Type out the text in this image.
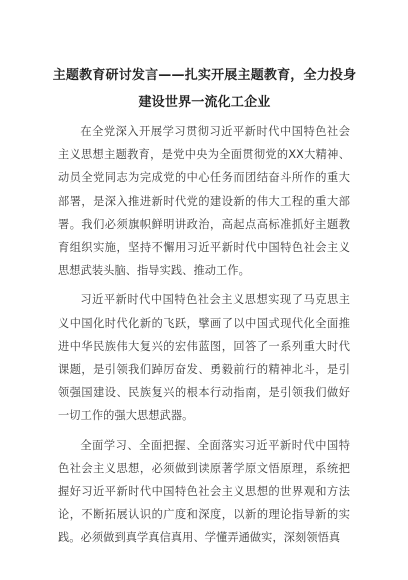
主题教育研讨发言——扎实开展主题教育，全力投身建设世界一流化工企业

在全党深入开展学习贯彻习近平新时代中国特色社会主义思想主题教育，是党中央为全面贯彻党的XX大精神、动员全党同志为完成党的中心任务而团结奋斗所作的重大部署，是深入推进新时代党的建设新的伟大工程的重大部署。我们必须旗帜鲜明讲政治，高起点高标准抓好主题教育组织实施，坚持不懈用习近平新时代中国特色社会主义思想武装头脑、指导实践、推动工作。

习近平新时代中国特色社会主义思想实现了马克思主义中国化时代化新的飞跃，擘画了以中国式现代化全面推进中华民族伟大复兴的宏伟蓝图，回答了一系列重大时代课题，是引领我们踔厉奋发、勇毅前行的精神北斗，是引领强国建设、民族复兴的根本行动指南，是引领我们做好一切工作的强大思想武器。

全面学习、全面把握、全面落实习近平新时代中国特色社会主义思想，必须做到读原著学原文悟原理，系统把握好习近平新时代中国特色社会主义思想的世界观和方法论，不断拓展认识的广度和深度，以新的理论指导新的实践。必须做到真学真信真用、学懂弄通做实，深刻领悟真
